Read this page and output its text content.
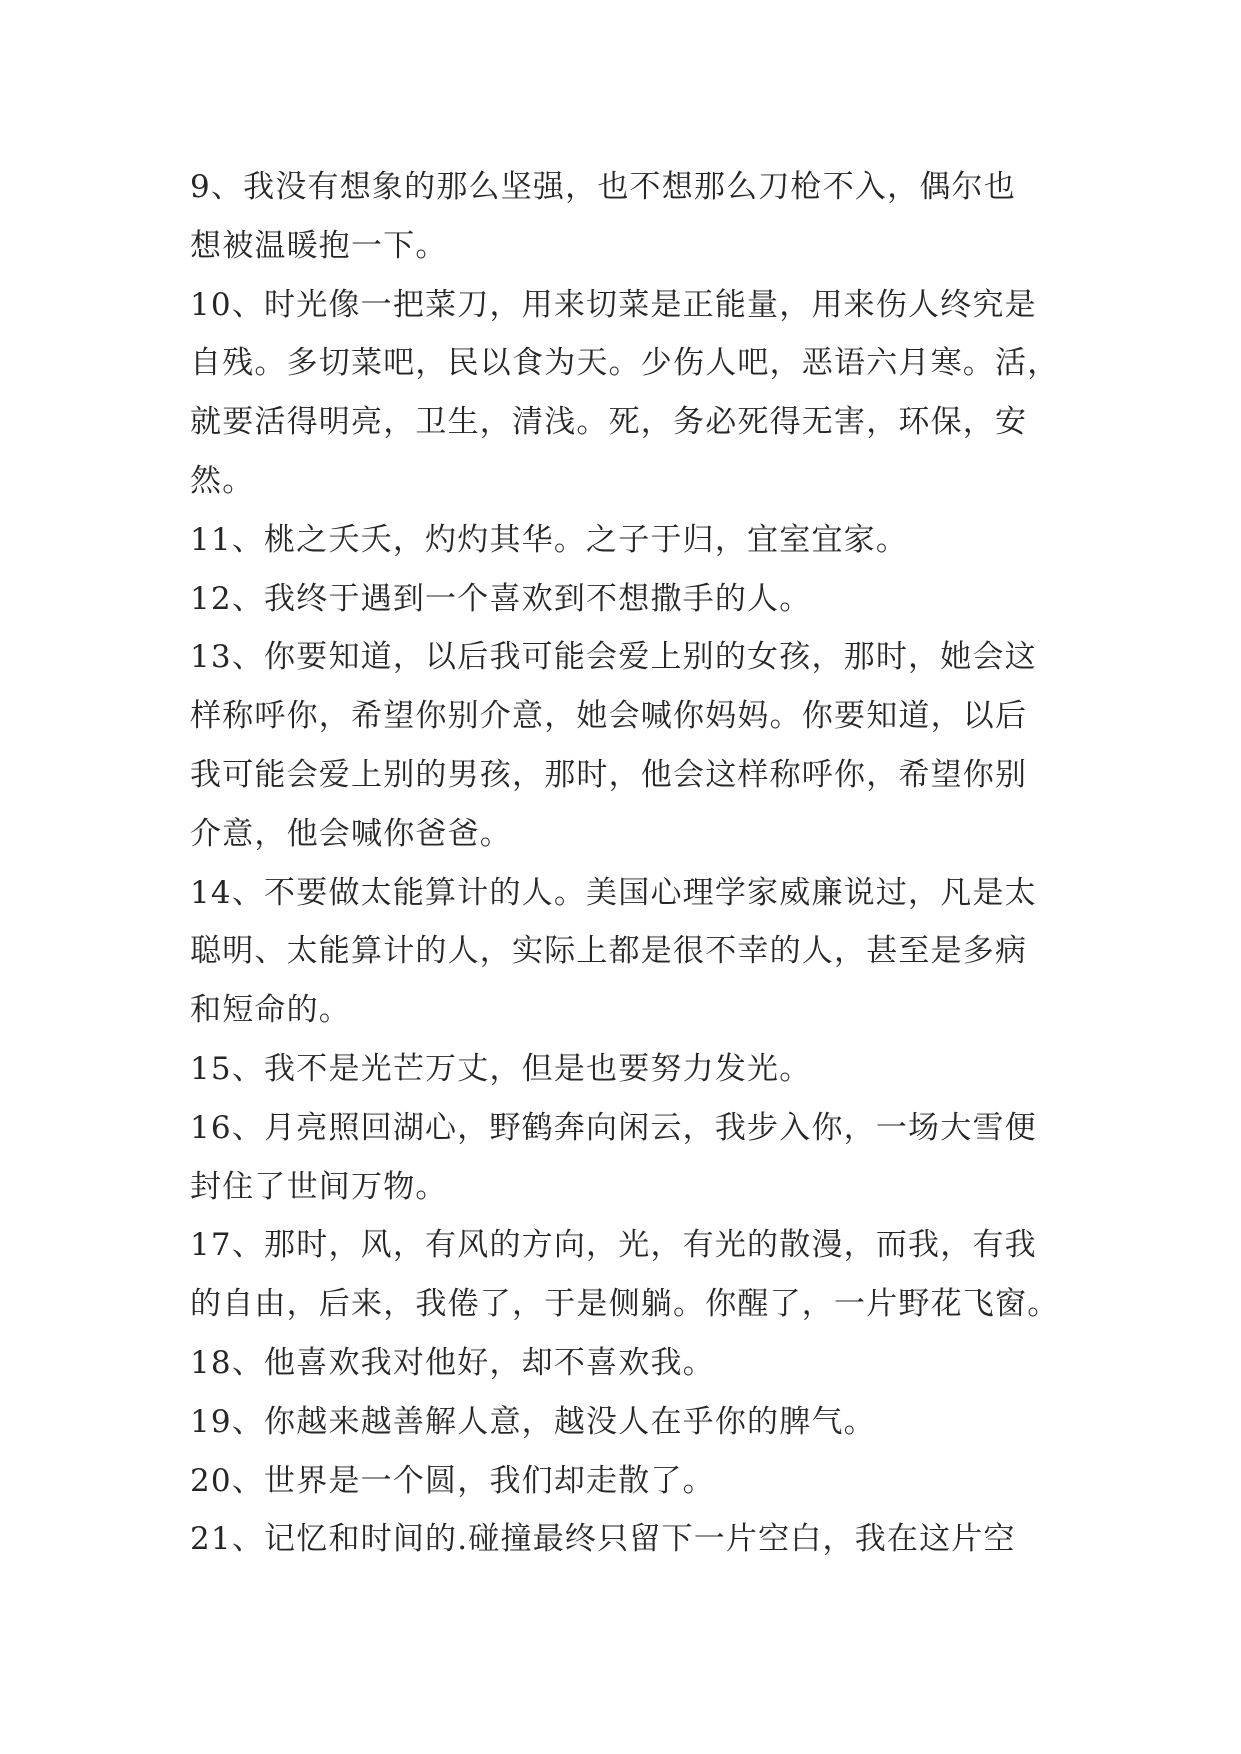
9、我没有想象的那么坚强，也不想那么刀枪不入，偶尔也
想被温暖抱一下。
10、时光像一把菜刀，用来切菜是正能量，用来伤人终究是
自残。多切菜吧，民以食为天。少伤人吧，恶语六月寒。活，
就要活得明亮，卫生，清浅。死，务必死得无害，环保，安
然。
11、桃之夭夭，灼灼其华。之子于归，宜室宜家。
12、我终于遇到一个喜欢到不想撒手的人。
13、你要知道，以后我可能会爱上别的女孩，那时，她会这
样称呼你，希望你别介意，她会喊你妈妈。你要知道，以后
我可能会爱上别的男孩，那时，他会这样称呼你，希望你别
介意，他会喊你爸爸。
14、不要做太能算计的人。美国心理学家威廉说过，凡是太
聪明、太能算计的人，实际上都是很不幸的人，甚至是多病
和短命的。
15、我不是光芒万丈，但是也要努力发光。
16、月亮照回湖心，野鹤奔向闲云，我步入你，一场大雪便
封住了世间万物。
17、那时，风，有风的方向，光，有光的散漫，而我，有我
的自由，后来，我倦了，于是侧躺。你醒了，一片野花飞窗。
18、他喜欢我对他好，却不喜欢我。
19、你越来越善解人意，越没人在乎你的脾气。
20、世界是一个圆，我们却走散了。
21、记忆和时间的.碰撞最终只留下一片空白，我在这片空
